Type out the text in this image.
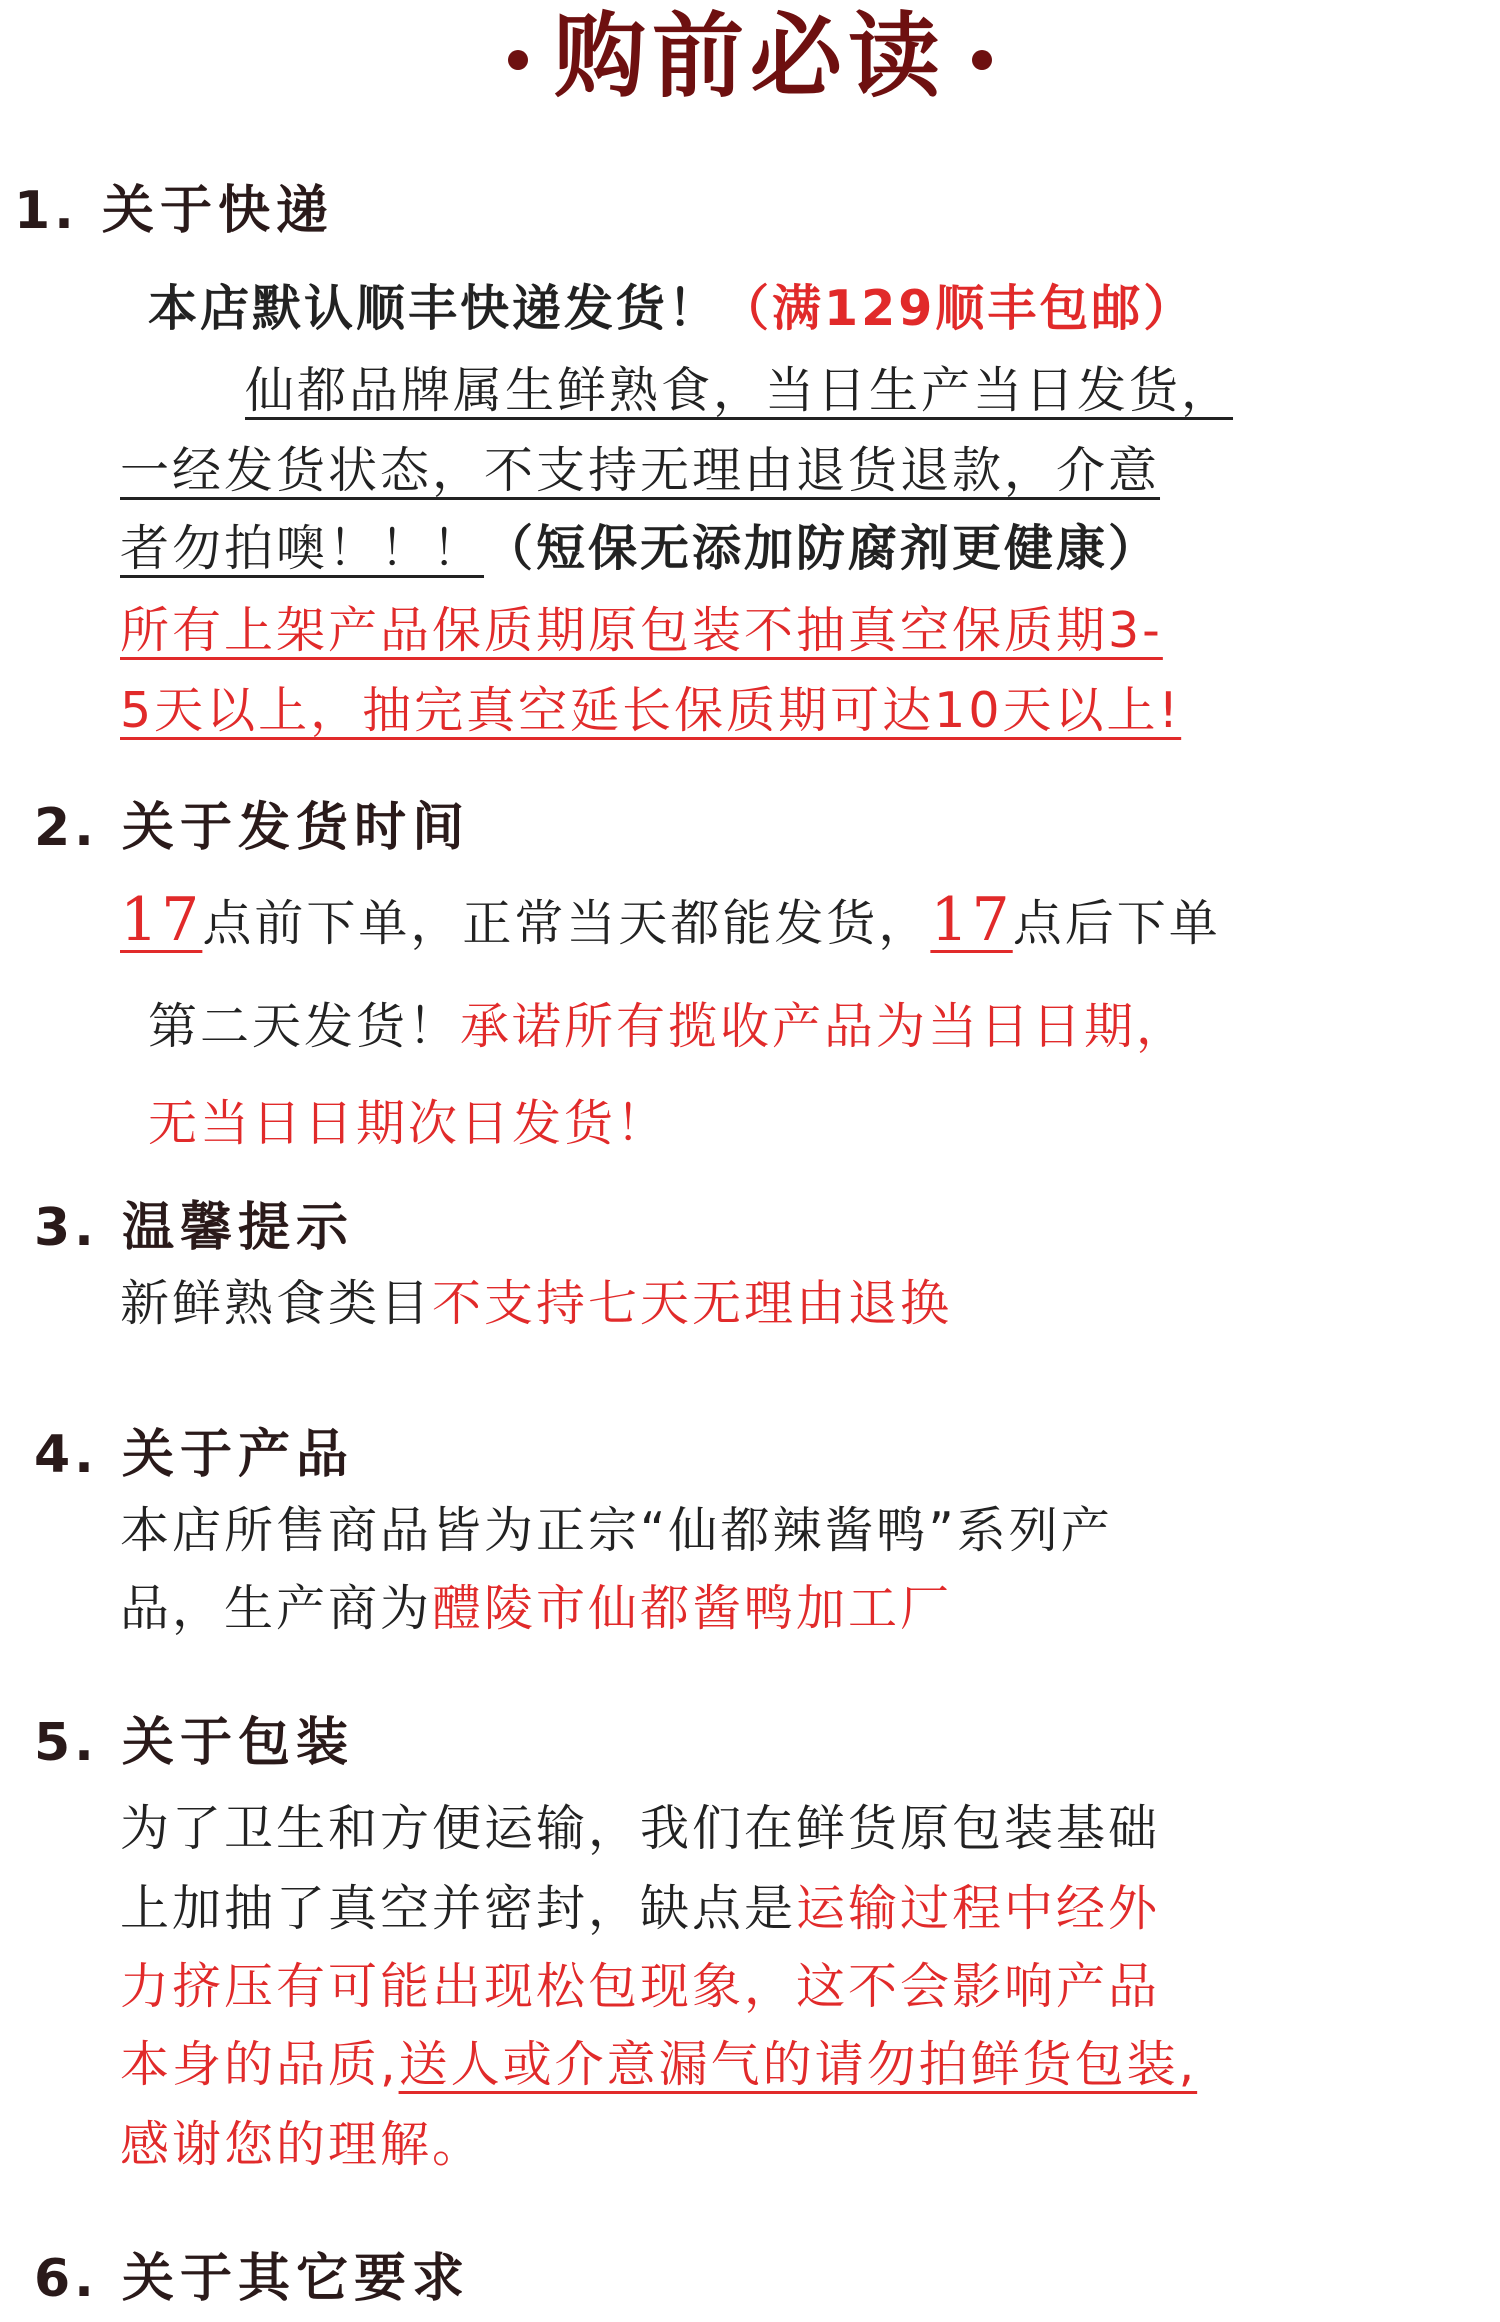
购前必读
1. 关于快递
本店默认顺丰快递发货！（满129顺丰包邮）
仙都品牌属生鲜熟食，当日生产当日发货，
一经发货状态，不支持无理由退货退款，介意
者勿拍噢！！！（短保无添加防腐剂更健康）
所有上架产品保质期原包装不抽真空保质期3-
5天以上，抽完真空延长保质期可达10天以上!
2. 关于发货时间
17点前下单，正常当天都能发货，17点后下单
第二天发货！承诺所有揽收产品为当日日期，
无当日日期次日发货！
3. 温馨提示
新鲜熟食类目不支持七天无理由退换
4. 关于产品
本店所售商品皆为正宗“仙都辣酱鸭”系列产
品，生产商为醴陵市仙都酱鸭加工厂
5. 关于包装
为了卫生和方便运输，我们在鲜货原包装基础
上加抽了真空并密封，缺点是运输过程中经外
力挤压有可能出现松包现象，这不会影响产品
本身的品质,送人或介意漏气的请勿拍鲜货包装,
感谢您的理解。
6. 关于其它要求
